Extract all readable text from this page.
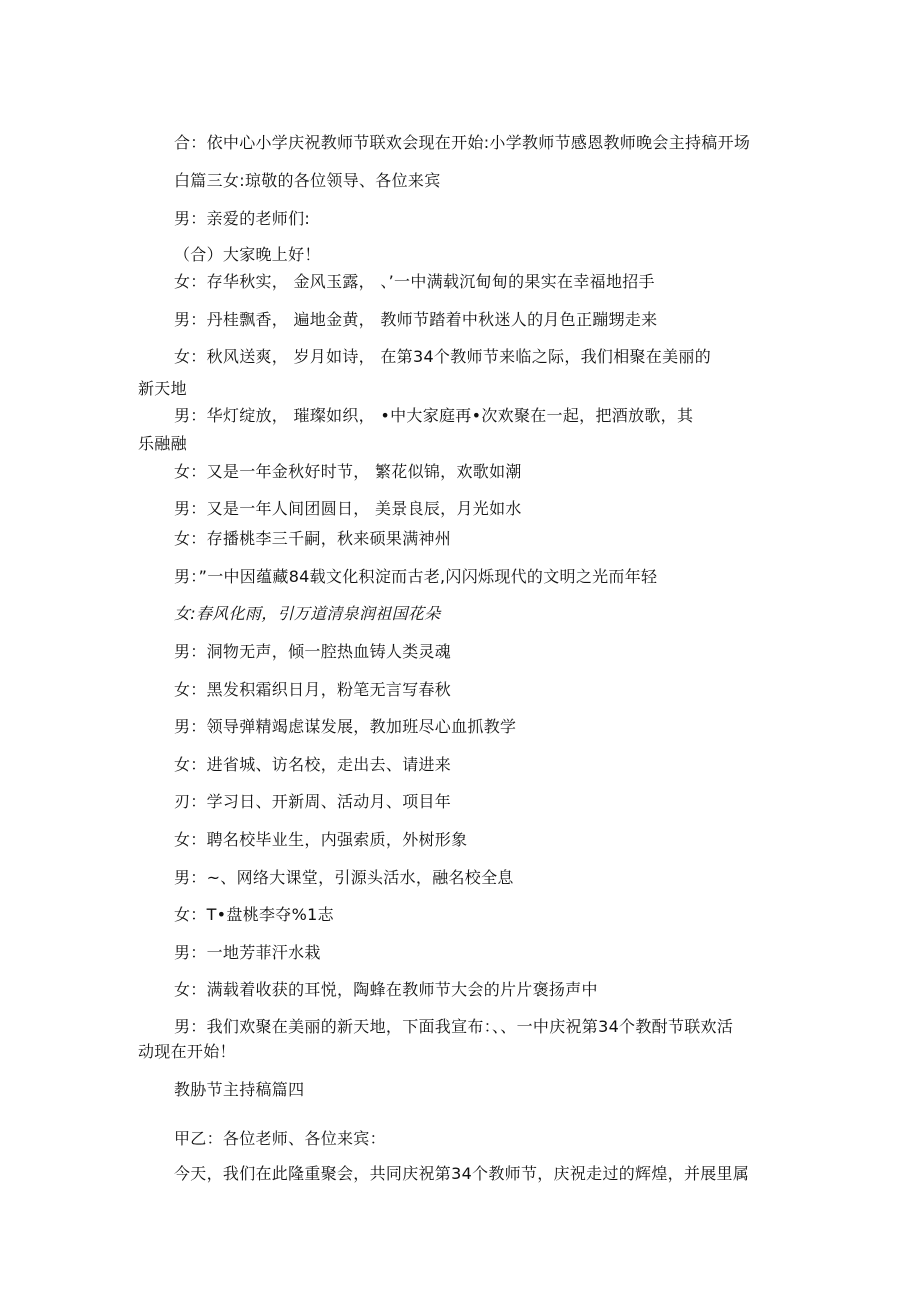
合：依中心小学庆祝教师节联欢会现在开始:小学教师节感恩教师晚会主持稿开场
白篇三女:琼敬的各位领导、各位来宾
男：亲爱的老师们:
（合）大家晚上好！
女：存华秋实， 金风玉露， 、’一中满载沉甸甸的果实在幸福地招手
男：丹桂飘香， 遍地金黄， 教师节踏着中秋迷人的月色正蹦甥走来
女：秋风送爽， 岁月如诗， 在第34个教师节来临之际，我们相聚在美丽的
新天地
男：华灯绽放， 璀璨如织， •中大家庭再•次欢聚在一起，把酒放歌，其
乐融融
女：又是一年金秋好时节， 繁花似锦，欢歌如潮
男：又是一年人间团圆日， 美景良辰，月光如水
女：存播桃李三千嗣，秋来硕果满神州
男：”一中因蕴藏84载文化积淀而古老,闪闪烁现代的文明之光而年轻
女:春风化雨，引万道清泉润祖国花朵
男：洞物无声，倾一腔热血铸人类灵魂
女：黑发积霜织日月，粉笔无言写春秋
男：领导弹精竭虑谋发展，教加班尽心血抓教学
女：进省城、访名校，走出去、请进来
刃：学习日、开新周、活动月、项目年
女：聘名校毕业生，内强索质，外树形象
男：~、网络大课堂，引源头活水，融名校全息
女：T•盘桃李夺%1志
男：一地芳菲汗水栽
女：满载着收获的耳悦，陶蜂在教师节大会的片片褒扬声中
男：我们欢聚在美丽的新天地，下面我宣布：、、一中庆祝第34个教酎节联欢活
动现在开始！
教胁节主持稿篇四
甲乙：各位老师、各位来宾：
今天，我们在此隆重聚会，共同庆祝第34个教师节，庆祝走过的辉煌，并展里属
